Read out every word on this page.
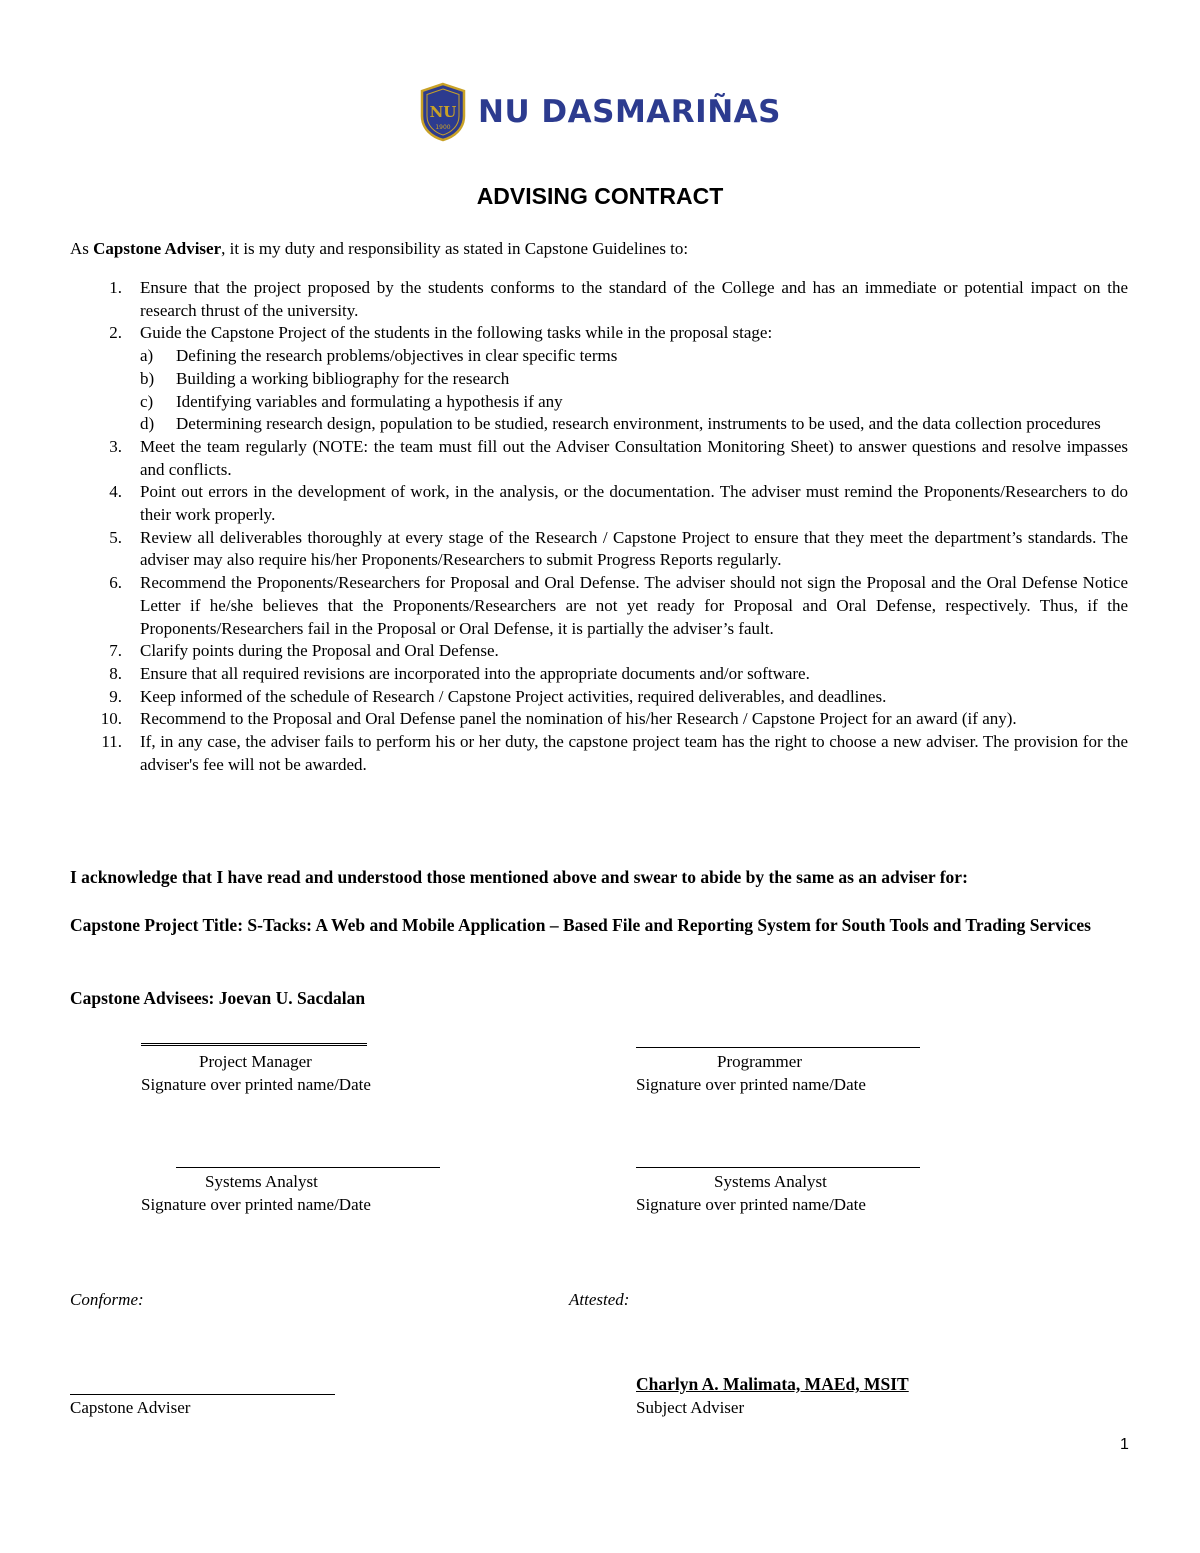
NU
1900 NU DASMARIÑAS
ADVISING CONTRACT
As Capstone Adviser, it is my duty and responsibility as stated in Capstone Guidelines to:
1. Ensure that the project proposed by the students conforms to the standard of the College and has an immediate or potential impact on the research thrust of the university.
2. Guide the Capstone Project of the students in the following tasks while in the proposal stage:
a) Defining the research problems/objectives in clear specific terms
b) Building a working bibliography for the research
c) Identifying variables and formulating a hypothesis if any
d) Determining research design, population to be studied, research environment, instruments to be used, and the data collection procedures
3. Meet the team regularly (NOTE: the team must fill out the Adviser Consultation Monitoring Sheet) to answer questions and resolve impasses and conflicts.
4. Point out errors in the development of work, in the analysis, or the documentation. The adviser must remind the Proponents/Researchers to do their work properly.
5. Review all deliverables thoroughly at every stage of the Research / Capstone Project to ensure that they meet the department’s standards. The adviser may also require his/her Proponents/Researchers to submit Progress Reports regularly.
6. Recommend the Proponents/Researchers for Proposal and Oral Defense. The adviser should not sign the Proposal and the Oral Defense Notice Letter if he/she believes that the Proponents/Researchers are not yet ready for Proposal and Oral Defense, respectively. Thus, if the Proponents/Researchers fail in the Proposal or Oral Defense, it is partially the adviser’s fault.
7. Clarify points during the Proposal and Oral Defense.
8. Ensure that all required revisions are incorporated into the appropriate documents and/or software.
9. Keep informed of the schedule of Research / Capstone Project activities, required deliverables, and deadlines.
10. Recommend to the Proposal and Oral Defense panel the nomination of his/her Research / Capstone Project for an award (if any).
11. If, in any case, the adviser fails to perform his or her duty, the capstone project team has the right to choose a new adviser. The provision for the adviser's fee will not be awarded.
I acknowledge that I have read and understood those mentioned above and swear to abide by the same as an adviser for:
Capstone Project Title: S-Tacks: A Web and Mobile Application – Based File and Reporting System for South Tools and Trading Services
Capstone Advisees: Joevan U. Sacdalan
Project Manager
Signature over printed name/Date
Programmer
Signature over printed name/Date
Systems Analyst
Signature over printed name/Date
Systems Analyst
Signature over printed name/Date
Conforme:	Attested:
Capstone Adviser
Charlyn A. Malimata, MAEd, MSIT
Subject Adviser
1
